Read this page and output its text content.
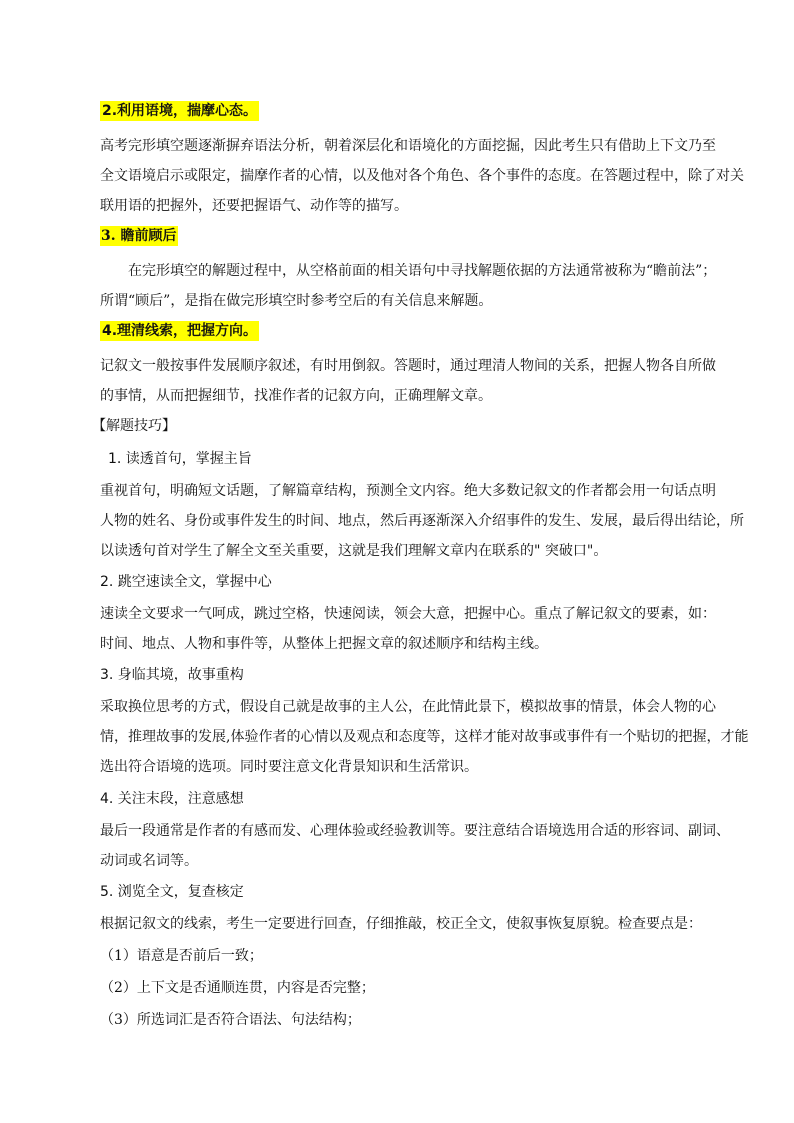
2.利用语境，揣摩心态。
高考完形填空题逐渐摒弃语法分析，朝着深层化和语境化的方面挖掘，因此考生只有借助上下文乃至
全文语境启示或限定，揣摩作者的心情，以及他对各个角色、各个事件的态度。在答题过程中，除了对关
联用语的把握外，还要把握语气、动作等的描写。
3. 瞻前顾后
在完形填空的解题过程中，从空格前面的相关语句中寻找解题依据的方法通常被称为“瞻前法”；
所谓“顾后”，是指在做完形填空时参考空后的有关信息来解题。
4.理清线索，把握方向。
记叙文一般按事件发展顺序叙述，有时用倒叙。答题时，通过理清人物间的关系，把握人物各自所做
的事情，从而把握细节，找准作者的记叙方向，正确理解文章。
【解题技巧】
1. 读透首句，掌握主旨
重视首句，明确短文话题，了解篇章结构，预测全文内容。绝大多数记叙文的作者都会用一句话点明
人物的姓名、身份或事件发生的时间、地点，然后再逐渐深入介绍事件的发生、发展，最后得出结论，所
以读透句首对学生了解全文至关重要，这就是我们理解文章内在联系的" 突破口"。
2. 跳空速读全文，掌握中心
速读全文要求一气呵成，跳过空格，快速阅读，领会大意，把握中心。重点了解记叙文的要素，如：
时间、地点、人物和事件等，从整体上把握文章的叙述顺序和结构主线。
3. 身临其境，故事重构
采取换位思考的方式，假设自己就是故事的主人公，在此情此景下，模拟故事的情景，体会人物的心
情，推理故事的发展,体验作者的心情以及观点和态度等，这样才能对故事或事件有一个贴切的把握，才能
选出符合语境的选项。同时要注意文化背景知识和生活常识。
4. 关注末段，注意感想
最后一段通常是作者的有感而发、心理体验或经验教训等。要注意结合语境选用合适的形容词、副词、
动词或名词等。
5. 浏览全文，复查核定
根据记叙文的线索，考生一定要进行回查，仔细推敲，校正全文，使叙事恢复原貌。检查要点是：
（1）语意是否前后一致；
（2）上下文是否通顺连贯，内容是否完整；
（3）所选词汇是否符合语法、句法结构；
